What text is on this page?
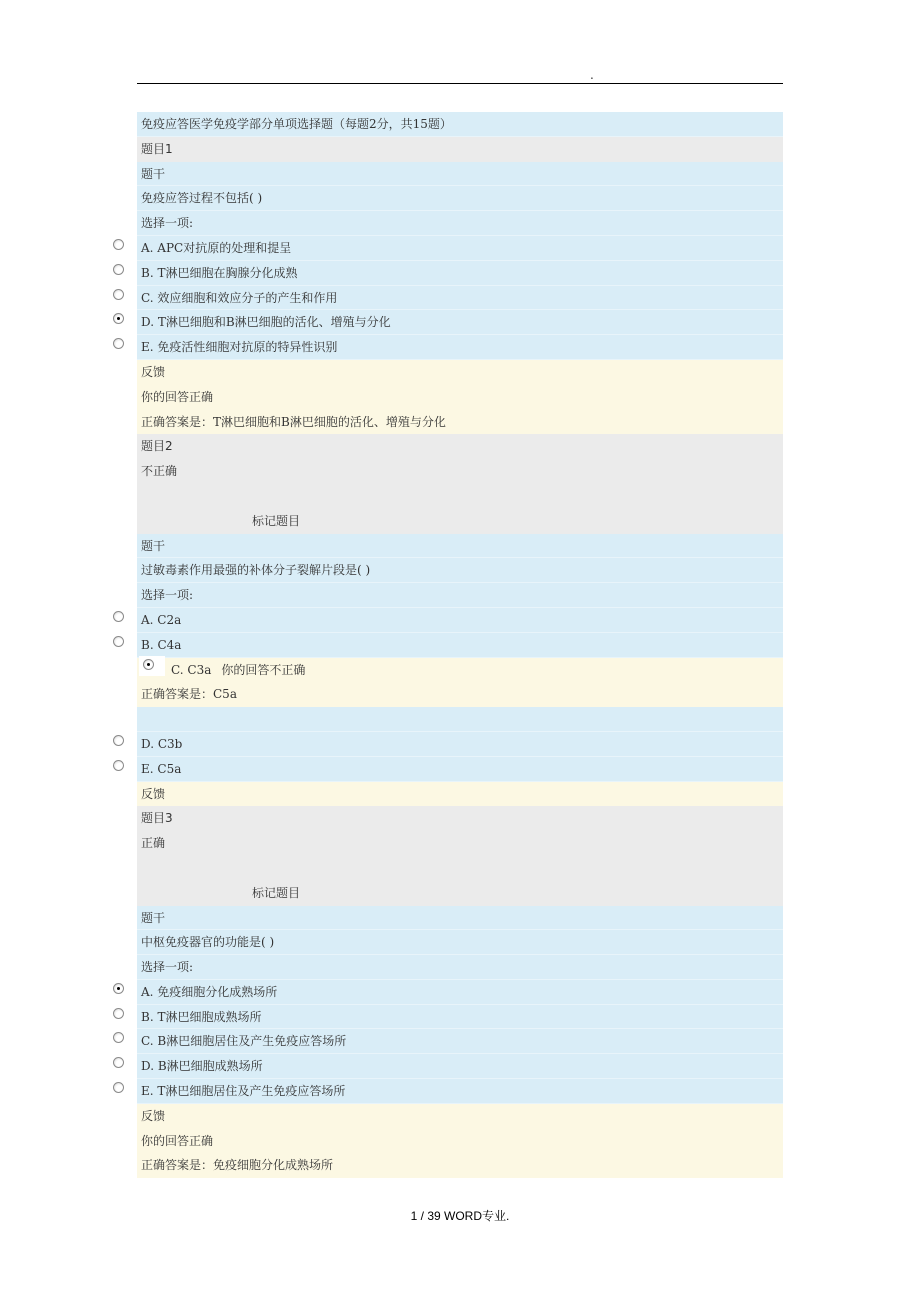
.
免疫应答医学免疫学部分单项选择题（每题2分，共15题）
题目1
题干
免疫应答过程不包括( )
选择一项:
A. APC对抗原的处理和提呈
B. T淋巴细胞在胸腺分化成熟
C. 效应细胞和效应分子的产生和作用
D. T淋巴细胞和B淋巴细胞的活化、增殖与分化
E. 免疫活性细胞对抗原的特异性识别
反馈
你的回答正确
正确答案是：T淋巴细胞和B淋巴细胞的活化、增殖与分化
题目2
不正确
标记题目
题干
过敏毒素作用最强的补体分子裂解片段是( )
选择一项:
A. C2a
B. C4a
C. C3a 你的回答不正确
正确答案是：C5a
D. C3b
E. C5a
反馈
题目3
正确
标记题目
题干
中枢免疫器官的功能是( )
选择一项:
A. 免疫细胞分化成熟场所
B. T淋巴细胞成熟场所
C. B淋巴细胞居住及产生免疫应答场所
D. B淋巴细胞成熟场所
E. T淋巴细胞居住及产生免疫应答场所
反馈
你的回答正确
正确答案是：免疫细胞分化成熟场所
1 / 39 WORD专业.
